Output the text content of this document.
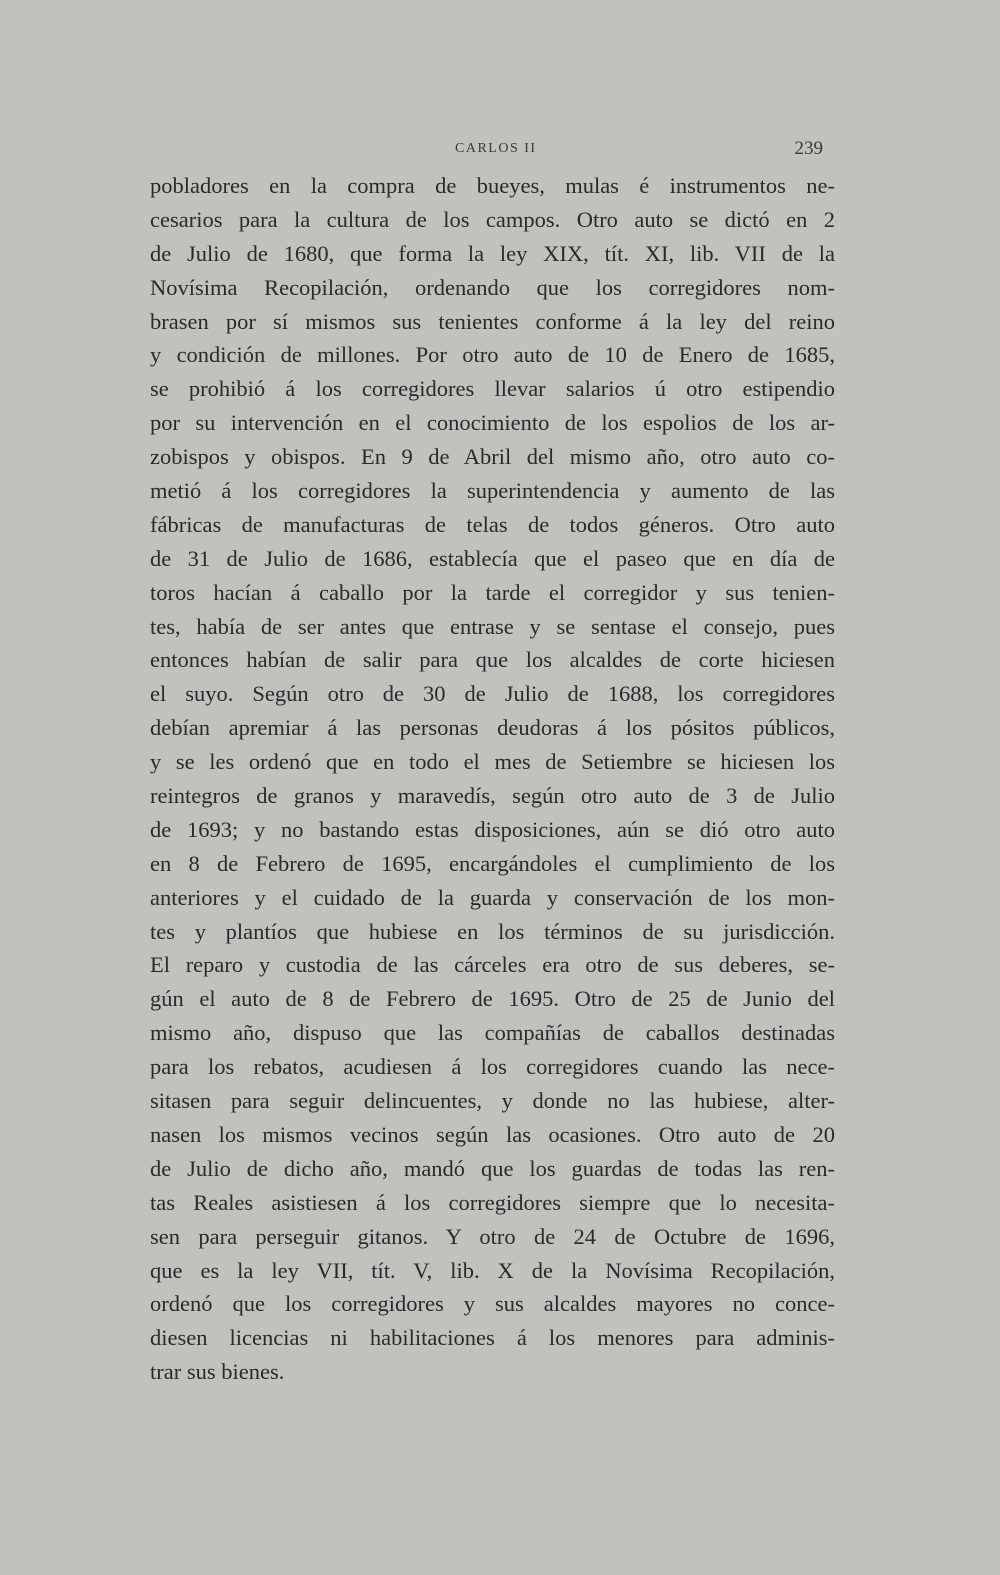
CARLOS II	239
pobladores en la compra de bueyes, mulas é instrumentos ne-
cesarios para la cultura de los campos. Otro auto se dictó en 2
de Julio de 1680, que forma la ley XIX, tít. XI, lib. VII de la
Novísima Recopilación, ordenando que los corregidores nom-
brasen por sí mismos sus tenientes conforme á la ley del reino
y condición de millones. Por otro auto de 10 de Enero de 1685,
se prohibió á los corregidores llevar salarios ú otro estipendio
por su intervención en el conocimiento de los espolios de los ar-
zobispos y obispos. En 9 de Abril del mismo año, otro auto co-
metió á los corregidores la superintendencia y aumento de las
fábricas de manufacturas de telas de todos géneros. Otro auto
de 31 de Julio de 1686, establecía que el paseo que en día de
toros hacían á caballo por la tarde el corregidor y sus tenien-
tes, había de ser antes que entrase y se sentase el consejo, pues
entonces habían de salir para que los alcaldes de corte hiciesen
el suyo. Según otro de 30 de Julio de 1688, los corregidores
debían apremiar á las personas deudoras á los pósitos públicos,
y se les ordenó que en todo el mes de Setiembre se hiciesen los
reintegros de granos y maravedís, según otro auto de 3 de Julio
de 1693; y no bastando estas disposiciones, aún se dió otro auto
en 8 de Febrero de 1695, encargándoles el cumplimiento de los
anteriores y el cuidado de la guarda y conservación de los mon-
tes y plantíos que hubiese en los términos de su jurisdicción.
El reparo y custodia de las cárceles era otro de sus deberes, se-
gún el auto de 8 de Febrero de 1695. Otro de 25 de Junio del
mismo año, dispuso que las compañías de caballos destinadas
para los rebatos, acudiesen á los corregidores cuando las nece-
sitasen para seguir delincuentes, y donde no las hubiese, alter-
nasen los mismos vecinos según las ocasiones. Otro auto de 20
de Julio de dicho año, mandó que los guardas de todas las ren-
tas Reales asistiesen á los corregidores siempre que lo necesita-
sen para perseguir gitanos. Y otro de 24 de Octubre de 1696,
que es la ley VII, tít. V, lib. X de la Novísima Recopilación,
ordenó que los corregidores y sus alcaldes mayores no conce-
diesen licencias ni habilitaciones á los menores para adminis-
trar sus bienes.
